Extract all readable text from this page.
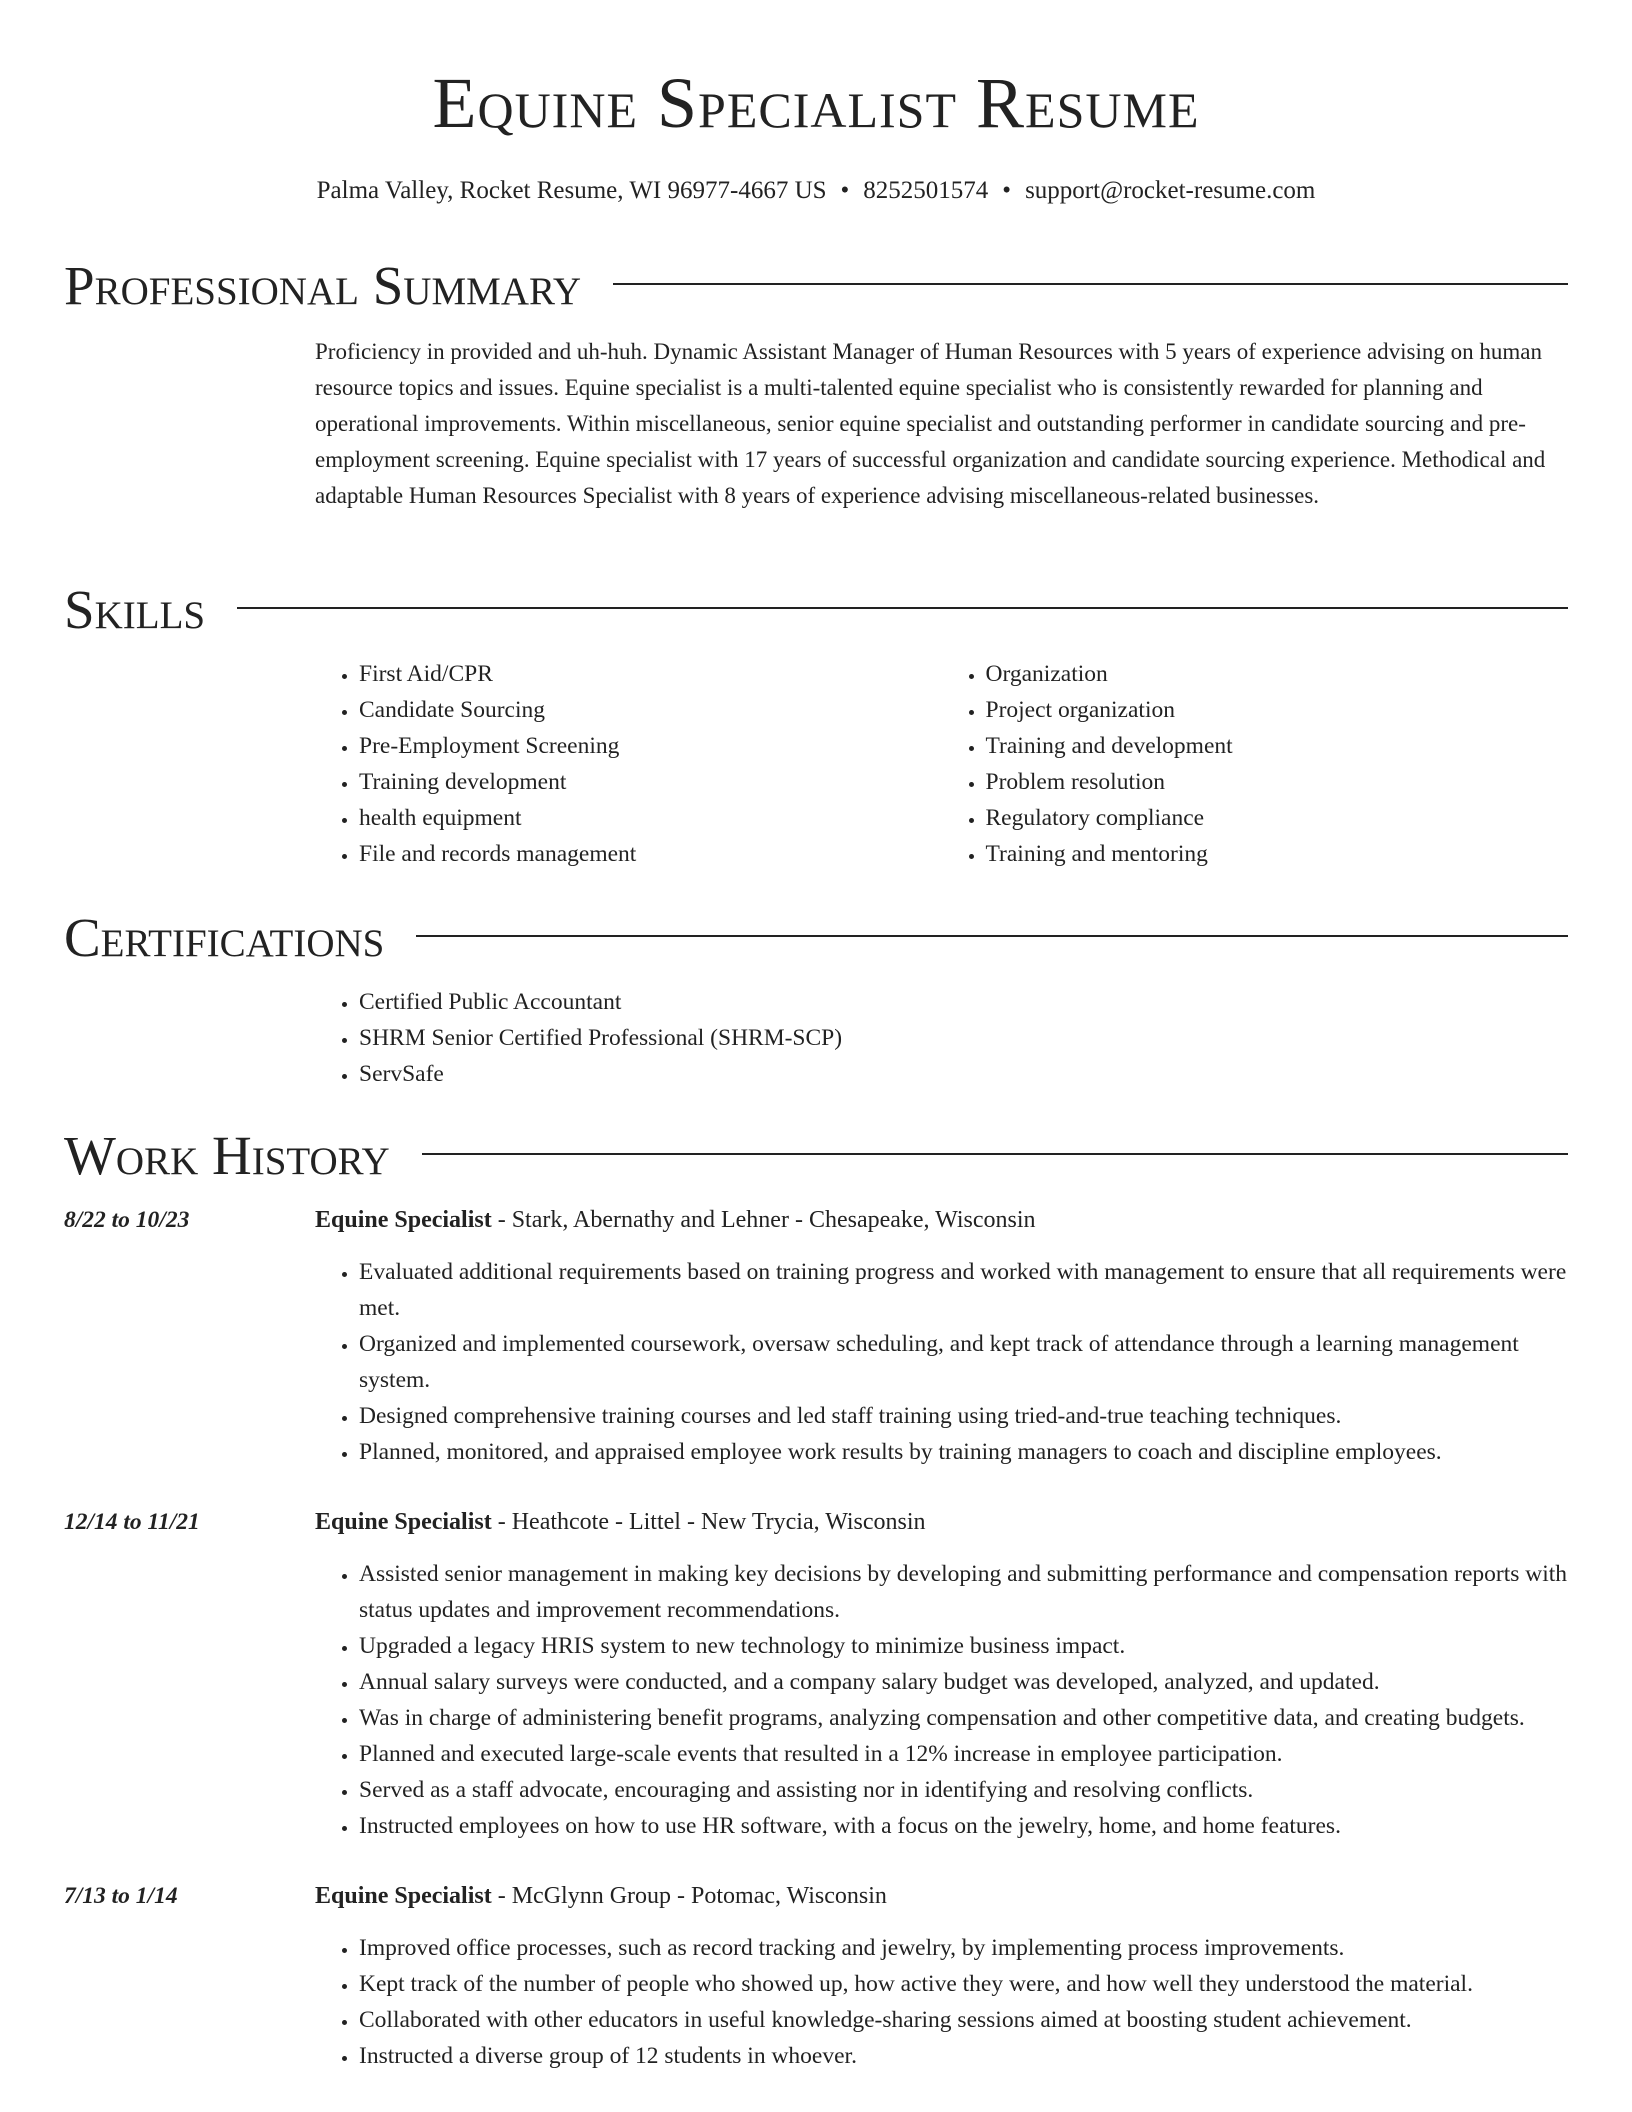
Equine Specialist Resume
Palma Valley, Rocket Resume, WI 96977-4667 US • 8252501574 • support@rocket-resume.com
Professional Summary

Proficiency in provided and uh-huh. Dynamic Assistant Manager of Human Resources with 5 years of experience advising on human resource topics and issues. Equine specialist is a multi-talented equine specialist who is consistently rewarded for planning and operational improvements. Within miscellaneous, senior equine specialist and outstanding performer in candidate sourcing and pre-employment screening. Equine specialist with 17 years of successful organization and candidate sourcing experience. Methodical and adaptable Human Resources Specialist with 8 years of experience advising miscellaneous-related businesses.

Skills
• First Aid/CPR
• Candidate Sourcing
• Pre-Employment Screening
• Training development
• health equipment
• File and records management
• Organization
• Project organization
• Training and development
• Problem resolution
• Regulatory compliance
• Training and mentoring
Certifications
• Certified Public Accountant
• SHRM Senior Certified Professional (SHRM-SCP)
• ServSafe
Work History
8/22 to 10/23	Equine Specialist - Stark, Abernathy and Lehner - Chesapeake, Wisconsin
• Evaluated additional requirements based on training progress and worked with management to ensure that all requirements were met.
• Organized and implemented coursework, oversaw scheduling, and kept track of attendance through a learning management system.
• Designed comprehensive training courses and led staff training using tried-and-true teaching techniques.
• Planned, monitored, and appraised employee work results by training managers to coach and discipline employees.
12/14 to 11/21	Equine Specialist - Heathcote - Littel - New Trycia, Wisconsin
• Assisted senior management in making key decisions by developing and submitting performance and compensation reports with status updates and improvement recommendations.
• Upgraded a legacy HRIS system to new technology to minimize business impact.
• Annual salary surveys were conducted, and a company salary budget was developed, analyzed, and updated.
• Was in charge of administering benefit programs, analyzing compensation and other competitive data, and creating budgets.
• Planned and executed large-scale events that resulted in a 12% increase in employee participation.
• Served as a staff advocate, encouraging and assisting nor in identifying and resolving conflicts.
• Instructed employees on how to use HR software, with a focus on the jewelry, home, and home features.
7/13 to 1/14	Equine Specialist - McGlynn Group - Potomac, Wisconsin
• Improved office processes, such as record tracking and jewelry, by implementing process improvements.
• Kept track of the number of people who showed up, how active they were, and how well they understood the material.
• Collaborated with other educators in useful knowledge-sharing sessions aimed at boosting student achievement.
• Instructed a diverse group of 12 students in whoever.
